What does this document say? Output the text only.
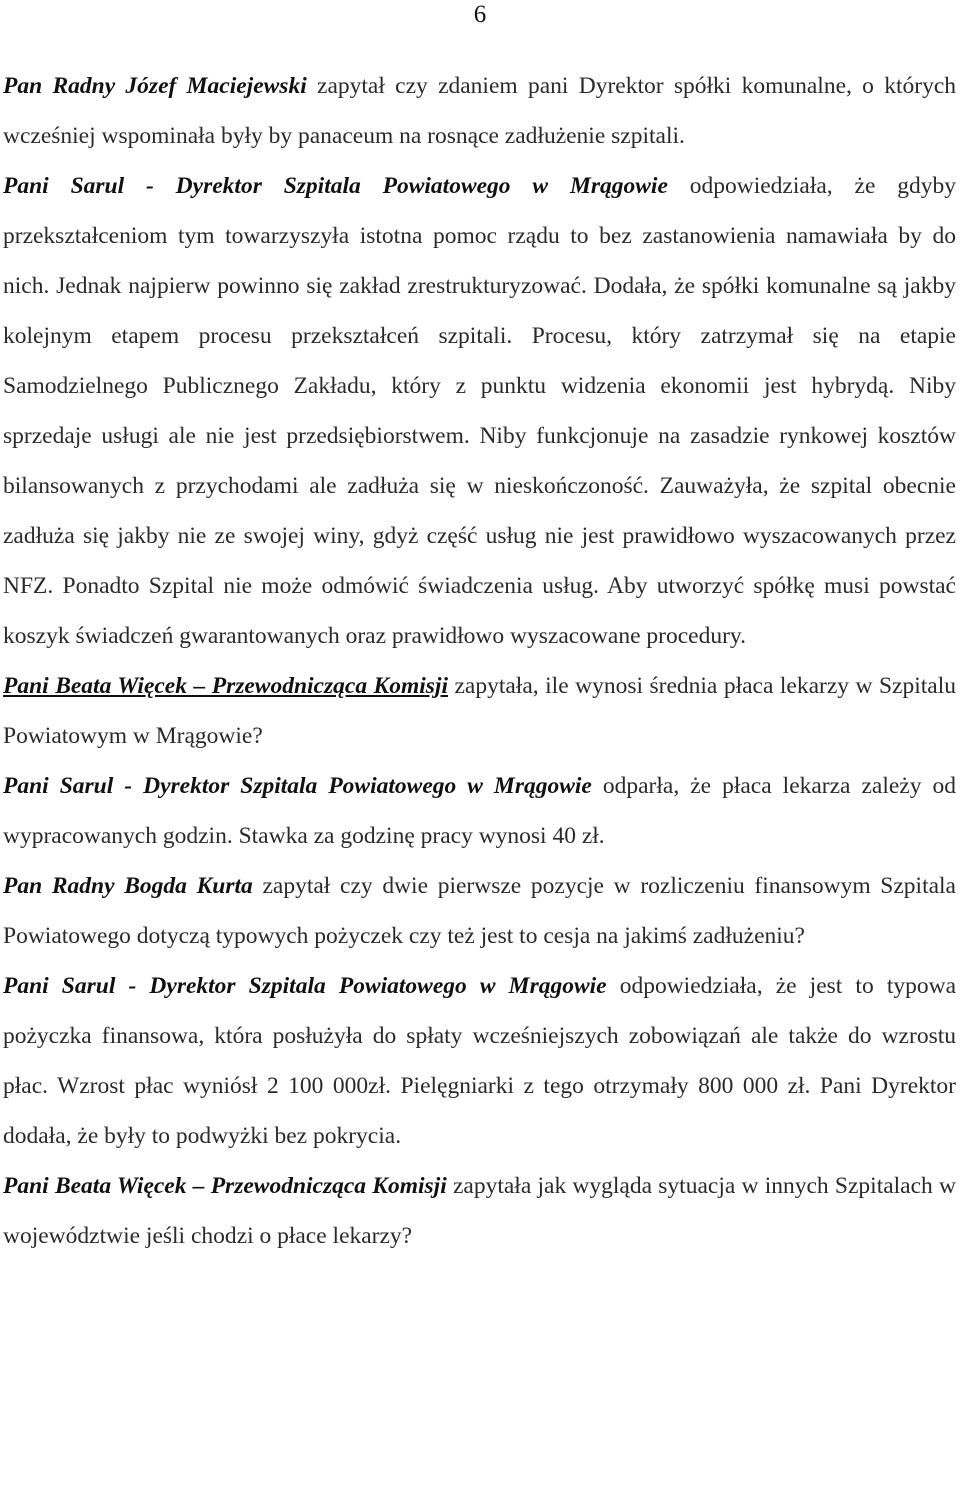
6

Pan Radny Józef Maciejewski zapytał czy zdaniem pani Dyrektor spółki komunalne, o których wcześniej wspominała były by panaceum na rosnące zadłużenie szpitali.

Pani Sarul - Dyrektor Szpitala Powiatowego w Mrągowie odpowiedziała, że gdyby przekształceniom tym towarzyszyła istotna pomoc rządu to bez zastanowienia namawiała by do nich. Jednak najpierw powinno się zakład zrestrukturyzować. Dodała, że spółki komunalne są jakby kolejnym etapem procesu przekształceń szpitali. Procesu, który zatrzymał się na etapie Samodzielnego Publicznego Zakładu, który z punktu widzenia ekonomii jest hybrydą. Niby sprzedaje usługi ale nie jest przedsiębiorstwem. Niby funkcjonuje na zasadzie rynkowej kosztów bilansowanych z przychodami ale zadłuża się w nieskończoność. Zauważyła, że szpital obecnie zadłuża się jakby nie ze swojej winy, gdyż część usług nie jest prawidłowo wyszacowanych przez NFZ. Ponadto Szpital nie może odmówić świadczenia usług. Aby utworzyć spółkę musi powstać koszyk świadczeń gwarantowanych oraz prawidłowo wyszacowane procedury.

Pani Beata Więcek – Przewodnicząca Komisji zapytała, ile wynosi średnia płaca lekarzy w Szpitalu Powiatowym w Mrągowie?

Pani Sarul - Dyrektor Szpitala Powiatowego w Mrągowie odparła, że płaca lekarza zależy od wypracowanych godzin. Stawka za godzinę pracy wynosi 40 zł.

Pan Radny Bogda Kurta zapytał czy dwie pierwsze pozycje w rozliczeniu finansowym Szpitala Powiatowego dotyczą typowych pożyczek czy też jest to cesja na jakimś zadłużeniu?

Pani Sarul - Dyrektor Szpitala Powiatowego w Mrągowie odpowiedziała, że jest to typowa pożyczka finansowa, która posłużyła do spłaty wcześniejszych zobowiązań ale także do wzrostu płac. Wzrost płac wyniósł 2 100 000zł. Pielęgniarki z tego otrzymały 800 000 zł. Pani Dyrektor dodała, że były to podwyżki bez pokrycia.

Pani Beata Więcek – Przewodnicząca Komisji zapytała jak wygląda sytuacja w innych Szpitalach w województwie jeśli chodzi o płace lekarzy?
